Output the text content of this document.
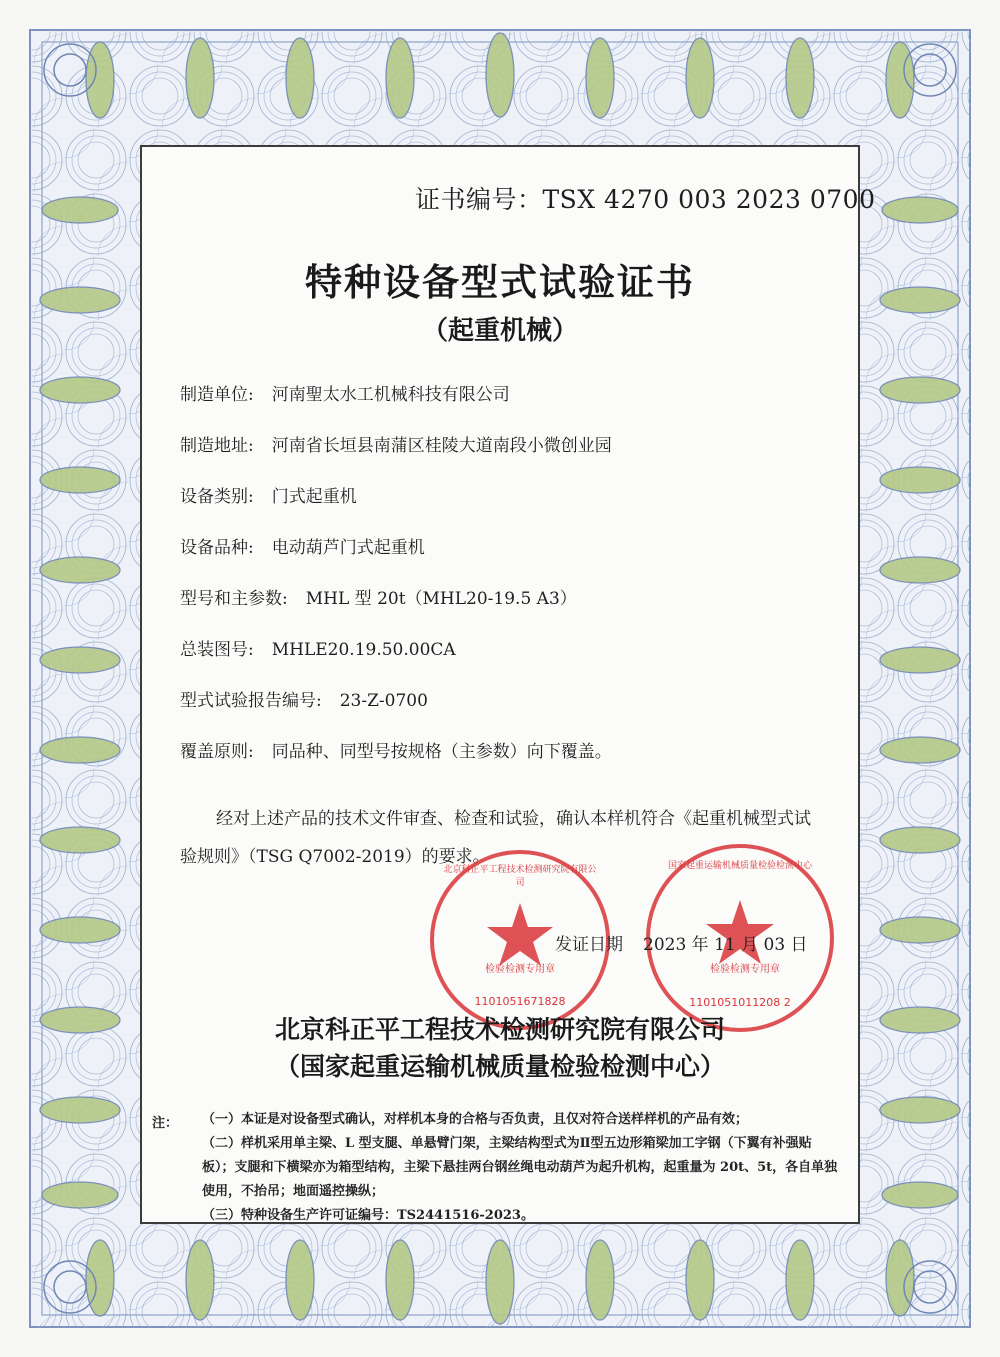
证书编号：TSX 4270 003 2023 0700
特种设备型式试验证书
（起重机械）
制造单位: 河南聖太水工机械科技有限公司
制造地址: 河南省长垣县南蒲区桂陵大道南段小微创业园
设备类别: 门式起重机
设备品种: 电动葫芦门式起重机
型号和主参数: MHL 型 20t（MHL20-19.5 A3）
总装图号: MHLE20.19.50.00CA
型式试验报告编号: 23-Z-0700
覆盖原则: 同品种、同型号按规格（主参数）向下覆盖。
经对上述产品的技术文件审查、检查和试验，确认本样机符合《起重机械型式试验规则》（TSG Q7002-2019）的要求。
发证日期 2023 年 11 月 03 日
1101051671828	1101051011208 2
检验检测专用章	检验检测专用章
北京科正平工程技术检测研究院有限公司
国家起重运输机械质量检验检测中心
北京科正平工程技术检测研究院有限公司
（国家起重运输机械质量检验检测中心）
注： （一）本证是对设备型式确认，对样机本身的合格与否负责，且仅对符合送样样机的产品有效；
（二）样机采用单主梁、L 型支腿、单悬臂门架，主梁结构型式为Ⅱ型五边形箱梁加工字钢（下翼有补强贴板）；支腿和下横梁亦为箱型结构，主梁下悬挂两台钢丝绳电动葫芦为起升机构，起重量为 20t、5t，各自单独使用，不抬吊；地面遥控操纵；
（三）特种设备生产许可证编号：TS2441516-2023。
